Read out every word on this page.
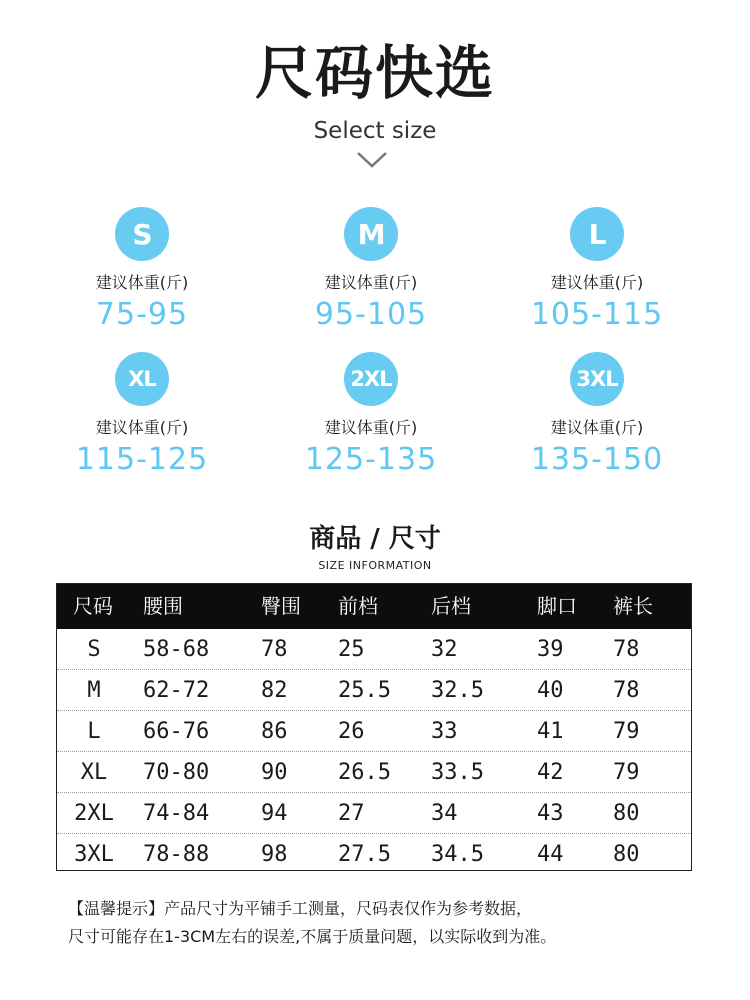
尺码快选
Select size
S
建议体重(斤)
75-95
M
建议体重(斤)
95-105
L
建议体重(斤)
105-115
XL
建议体重(斤)
115-125
2XL
建议体重(斤)
125-135
3XL
建议体重(斤)
135-150
商品 / 尺寸
SIZE INFORMATION
尺码 腰围	臀围 前档	后档	脚口 裤长
S	58-68 78 25	32	39 78
M	62-72 82 25.5 32.5 40 78
L	66-76 86 26	33	41 79
XL	70-80 90 26.5 33.5 42 79
2XL 74-84 94 27	34	43 80
3XL 78-88 98 27.5 34.5 44 80
【温馨提示】产品尺寸为平铺手工测量，尺码表仅作为参考数据，
尺寸可能存在1-3CM左右的误差,不属于质量问题，以实际收到为准。
